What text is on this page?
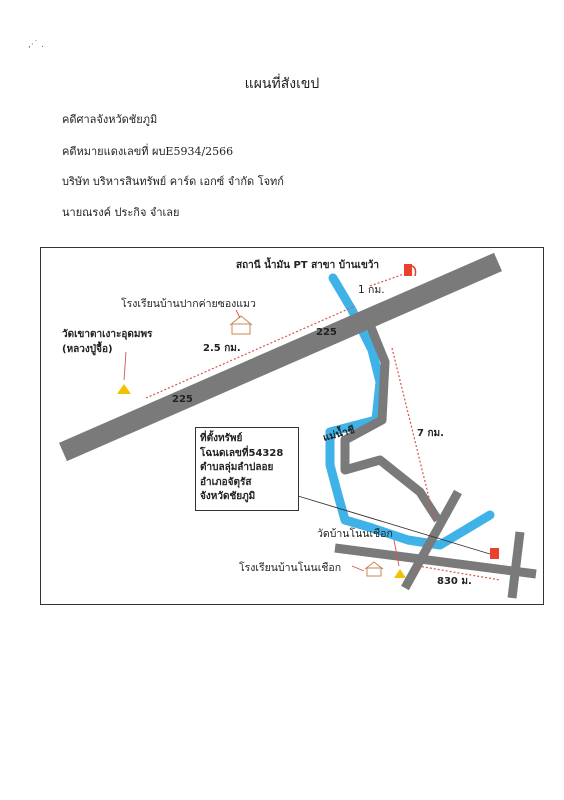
,·˙ .
แผนที่สังเขป
คดีศาลจังหวัดชัยภูมิ
คดีหมายแดงเลขที่ ผบE5934/2566
บริษัท บริหารสินทรัพย์ คาร์ด เอกซ์ จำกัด โจทก์
นายณรงค์ ประกิจ จำเลย
สถานี น้ำมัน PT สาขา บ้านเขว้า
1 กม.
โรงเรียนบ้านปากค่ายซองแมว
วัดเขาตาเงาะอุดมพร
(หลวงปู่จื้อ)	2.5 กม.
225
225
แม่น้ำชี	7 กม.
วัดบ้านโนนเชือก
โรงเรียนบ้านโนนเชือก
830 ม.
ที่ตั้งทรัพย์
โฉนดเลขที่54328
ตำบลลุ่มลำปลอย
อำเภอจัตุรัส
จังหวัดชัยภูมิ
